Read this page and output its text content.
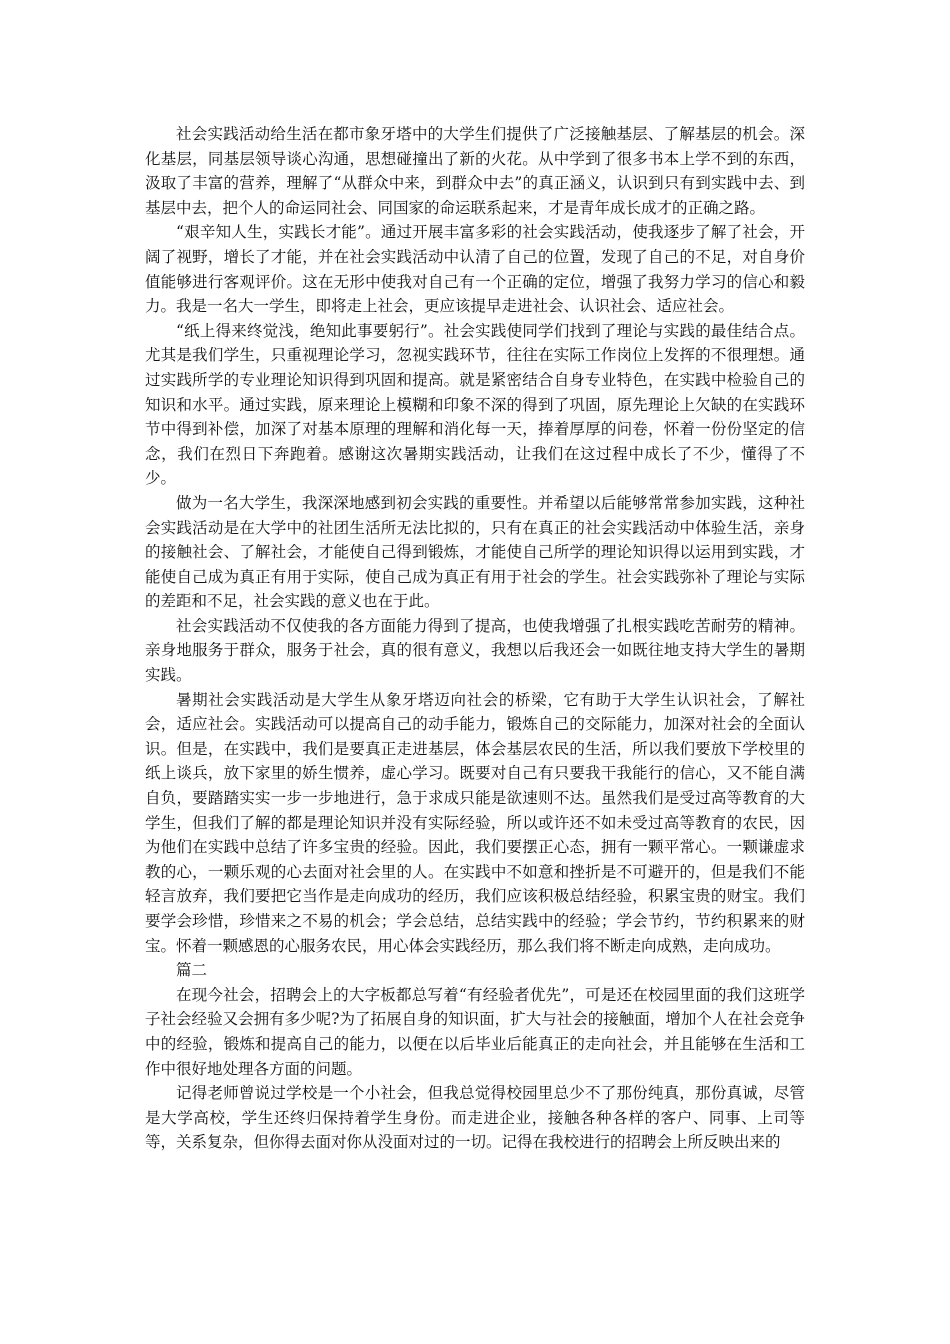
社会实践活动给生活在都市象牙塔中的大学生们提供了广泛接触基层、了解基层的机会。深化基层，同基层领导谈心沟通，思想碰撞出了新的火花。从中学到了很多书本上学不到的东西，汲取了丰富的营养，理解了“从群众中来，到群众中去”的真正涵义，认识到只有到实践中去、到基层中去，把个人的命运同社会、同国家的命运联系起来，才是青年成长成才的正确之路。

“艰辛知人生，实践长才能”。通过开展丰富多彩的社会实践活动，使我逐步了解了社会，开阔了视野，增长了才能，并在社会实践活动中认清了自己的位置，发现了自己的不足，对自身价值能够进行客观评价。这在无形中使我对自己有一个正确的定位，增强了我努力学习的信心和毅力。我是一名大一学生，即将走上社会，更应该提早走进社会、认识社会、适应社会。

“纸上得来终觉浅，绝知此事要躬行”。社会实践使同学们找到了理论与实践的最佳结合点。尤其是我们学生，只重视理论学习，忽视实践环节，往往在实际工作岗位上发挥的不很理想。通过实践所学的专业理论知识得到巩固和提高。就是紧密结合自身专业特色，在实践中检验自己的知识和水平。通过实践，原来理论上模糊和印象不深的得到了巩固，原先理论上欠缺的在实践环节中得到补偿，加深了对基本原理的理解和消化每一天，捧着厚厚的问卷，怀着一份份坚定的信念，我们在烈日下奔跑着。感谢这次暑期实践活动，让我们在这过程中成长了不少，懂得了不少。

做为一名大学生，我深深地感到初会实践的重要性。并希望以后能够常常参加实践，这种社会实践活动是在大学中的社团生活所无法比拟的，只有在真正的社会实践活动中体验生活，亲身的接触社会、了解社会，才能使自己得到锻炼，才能使自己所学的理论知识得以运用到实践，才能使自己成为真正有用于实际，使自己成为真正有用于社会的学生。社会实践弥补了理论与实际的差距和不足，社会实践的意义也在于此。

社会实践活动不仅使我的各方面能力得到了提高，也使我增强了扎根实践吃苦耐劳的精神。亲身地服务于群众，服务于社会，真的很有意义，我想以后我还会一如既往地支持大学生的暑期实践。

暑期社会实践活动是大学生从象牙塔迈向社会的桥梁，它有助于大学生认识社会，了解社会，适应社会。实践活动可以提高自己的动手能力，锻炼自己的交际能力，加深对社会的全面认识。但是，在实践中，我们是要真正走进基层，体会基层农民的生活，所以我们要放下学校里的纸上谈兵，放下家里的娇生惯养，虚心学习。既要对自己有只要我干我能行的信心，又不能自满自负，要踏踏实实一步一步地进行，急于求成只能是欲速则不达。虽然我们是受过高等教育的大学生，但我们了解的都是理论知识并没有实际经验，所以或许还不如未受过高等教育的农民，因为他们在实践中总结了许多宝贵的经验。因此，我们要摆正心态，拥有一颗平常心。一颗谦虚求教的心，一颗乐观的心去面对社会里的人。在实践中不如意和挫折是不可避开的，但是我们不能轻言放弃，我们要把它当作是走向成功的经历，我们应该积极总结经验，积累宝贵的财宝。我们要学会珍惜，珍惜来之不易的机会；学会总结，总结实践中的经验；学会节约，节约积累来的财宝。怀着一颗感恩的心服务农民，用心体会实践经历，那么我们将不断走向成熟，走向成功。

篇二

在现今社会，招聘会上的大字板都总写着“有经验者优先”，可是还在校园里面的我们这班学子社会经验又会拥有多少呢?为了拓展自身的知识面，扩大与社会的接触面，增加个人在社会竞争中的经验，锻炼和提高自己的能力，以便在以后毕业后能真正的走向社会，并且能够在生活和工作中很好地处理各方面的问题。

记得老师曾说过学校是一个小社会，但我总觉得校园里总少不了那份纯真，那份真诚，尽管是大学高校，学生还终归保持着学生身份。而走进企业，接触各种各样的客户、同事、上司等等，关系复杂，但你得去面对你从没面对过的一切。记得在我校进行的招聘会上所反映出来的
